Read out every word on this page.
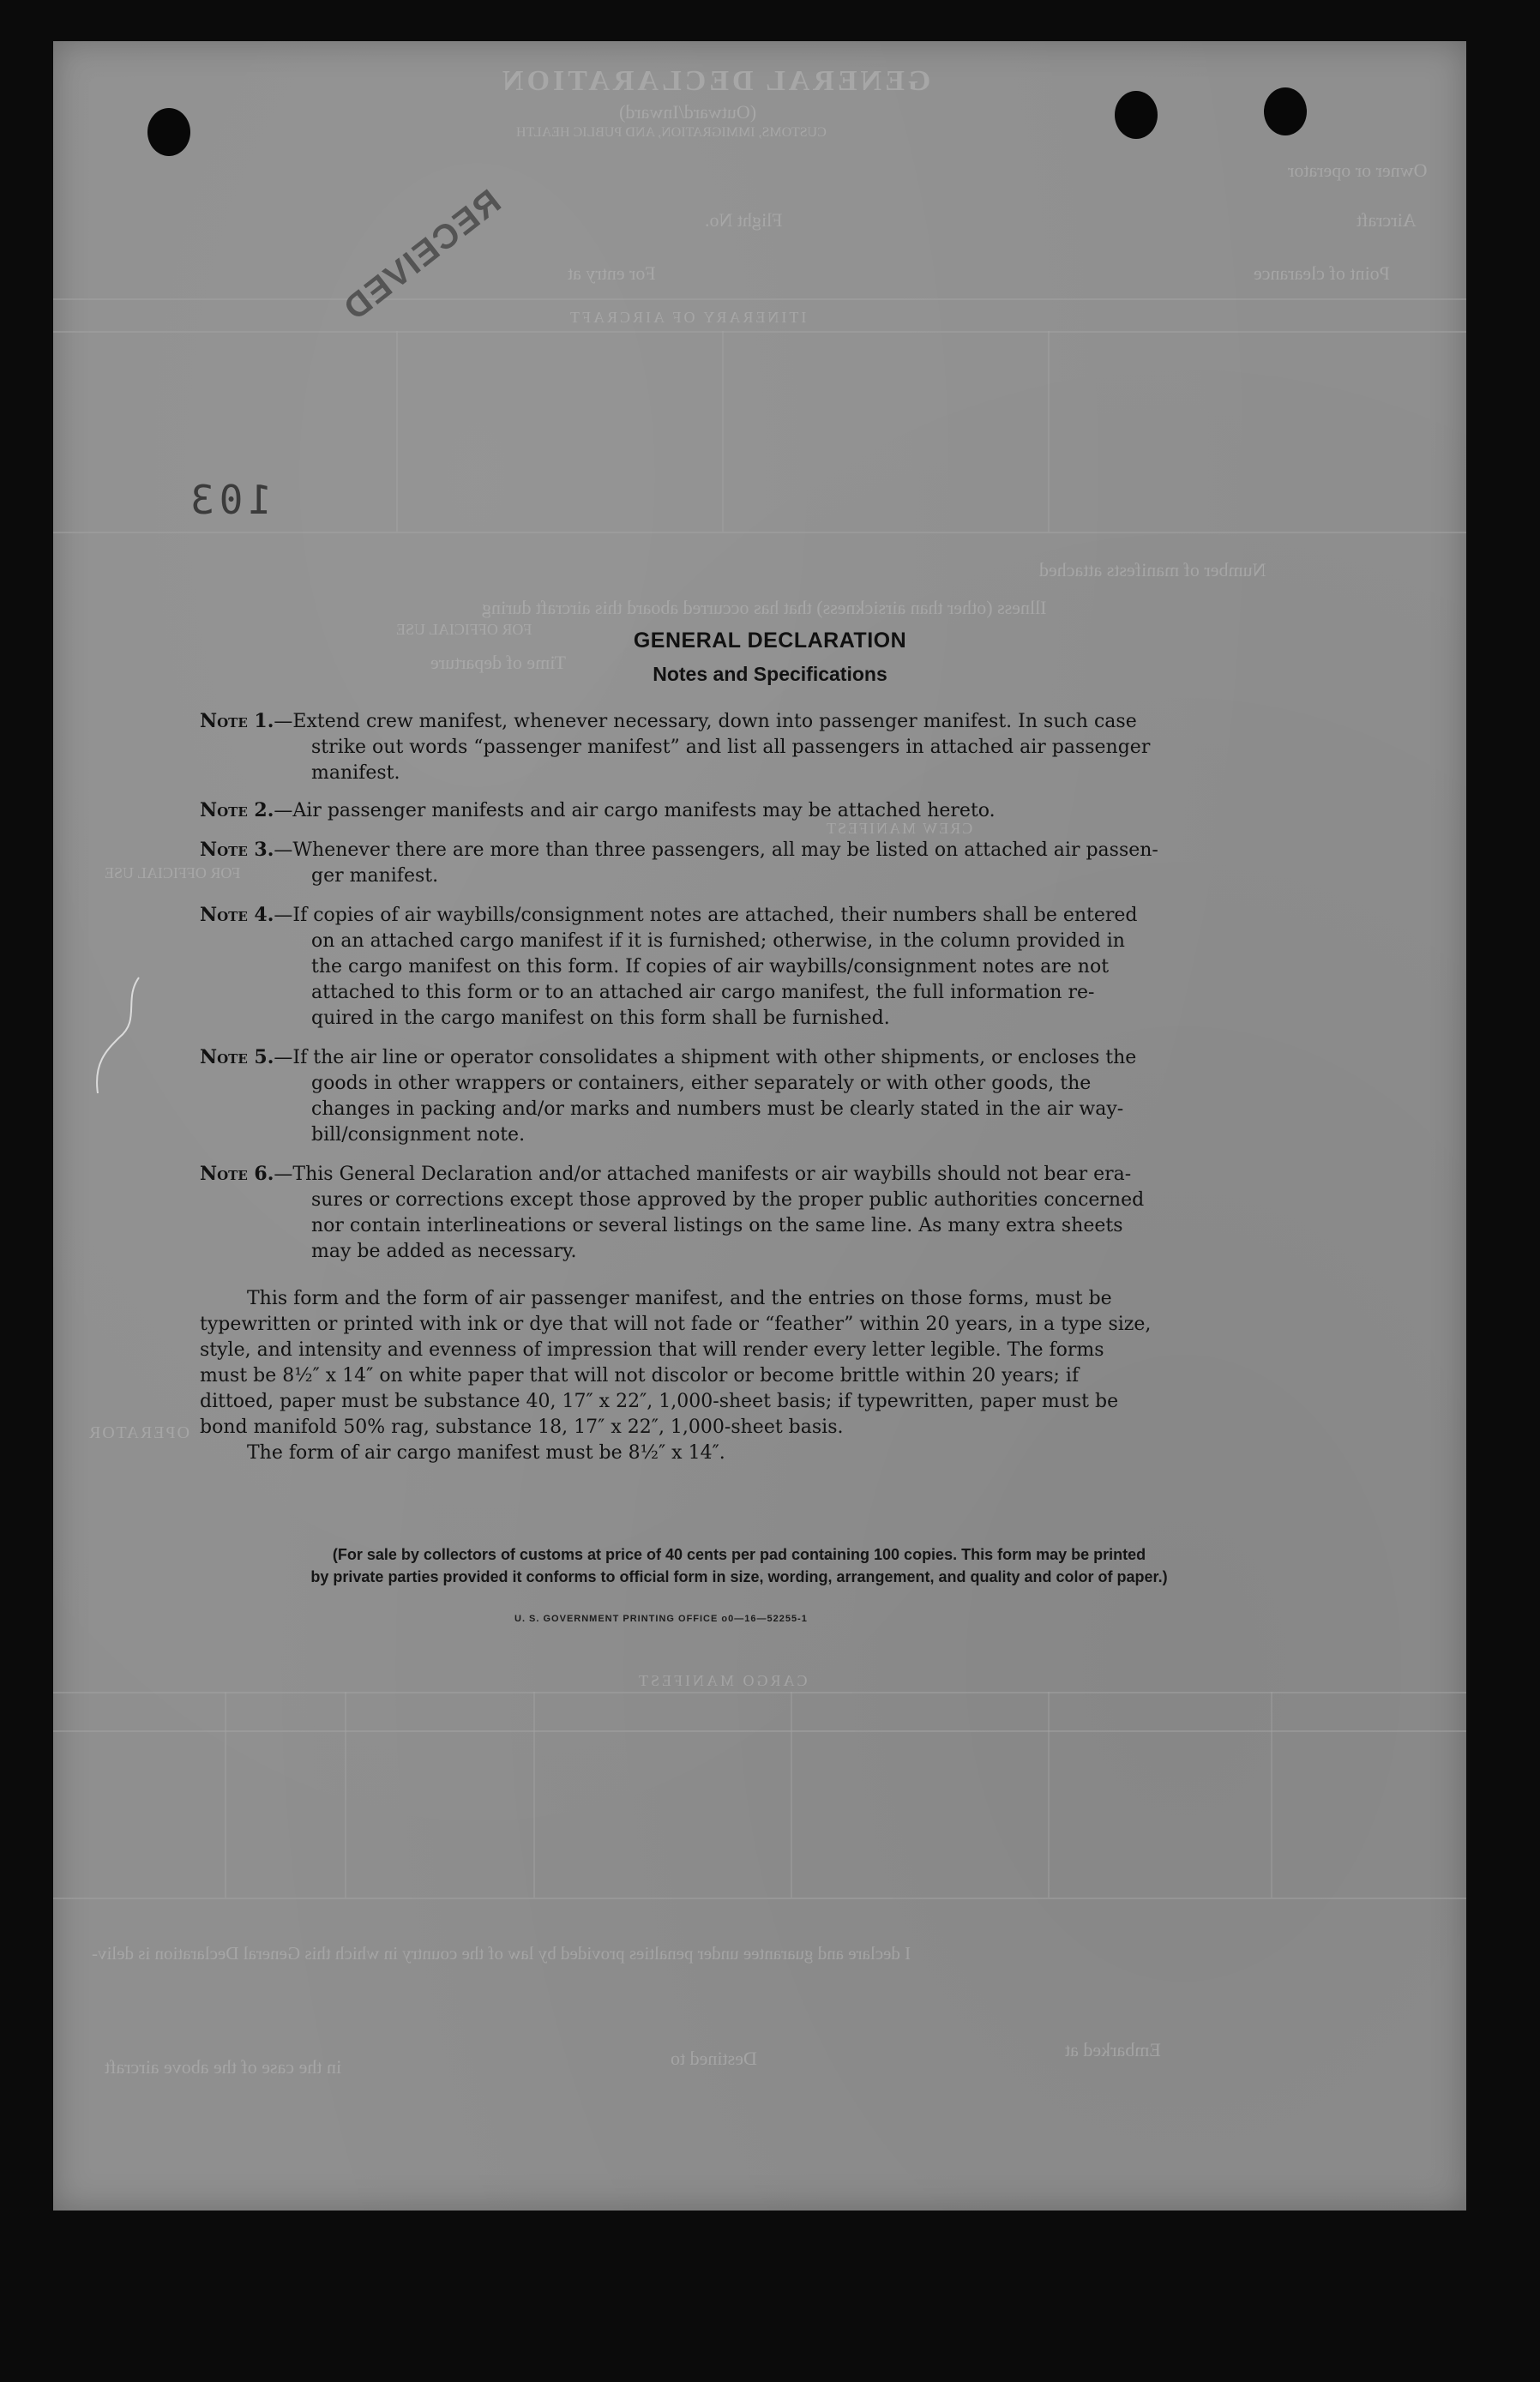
GENERAL DECLARATION
(Outward/Inward)
CUSTOMS, IMMIGRATION, AND PUBLIC HEALTH
Owner or operator
Aircraft
Flight No.
Point of clearance
For entry at
ITINERARY OF AIRCRAFT
Number of manifests attached
Illness (other than airsickness) that has occurred aboard this aircraft during
FOR OFFICIAL USE
Time of departure
CREW MANIFEST
FOR OFFICIAL USE
OPERATOR
CARGO MANIFEST
I declare and guarantee under penalties provided by law of the country in which this General Declaration is deliv-
Embarked at
Destined to
in the case of the above aircraft
RECEIVED
103
GENERAL DECLARATION
Notes and Specifications

Note 1.—Extend crew manifest, whenever necessary, down into passenger manifest. In such case

strike out words “passenger manifest” and list all passengers in attached air passenger

manifest.

Note 2.—Air passenger manifests and air cargo manifests may be attached hereto.

Note 3.—Whenever there are more than three passengers, all may be listed on attached air passen-

ger manifest.

Note 4.—If copies of air waybills/consignment notes are attached, their numbers shall be entered

on an attached cargo manifest if it is furnished; otherwise, in the column provided in

the cargo manifest on this form. If copies of air waybills/consignment notes are not

attached to this form or to an attached air cargo manifest, the full information re-

quired in the cargo manifest on this form shall be furnished.

Note 5.—If the air line or operator consolidates a shipment with other shipments, or encloses the

goods in other wrappers or containers, either separately or with other goods, the

changes in packing and/or marks and numbers must be clearly stated in the air way-

bill/consignment note.

Note 6.—This General Declaration and/or attached manifests or air waybills should not bear era-

sures or corrections except those approved by the proper public authorities concerned

nor contain interlineations or several listings on the same line. As many extra sheets

may be added as necessary.

This form and the form of air passenger manifest, and the entries on those forms, must be

typewritten or printed with ink or dye that will not fade or “feather” within 20 years, in a type size,

style, and intensity and evenness of impression that will render every letter legible. The forms

must be 8½″ x 14″ on white paper that will not discolor or become brittle within 20 years; if

dittoed, paper must be substance 40, 17″ x 22″, 1,000-sheet basis; if typewritten, paper must be

bond manifold 50% rag, substance 18, 17″ x 22″, 1,000-sheet basis.

The form of air cargo manifest must be 8½″ x 14″.

(For sale by collectors of customs at price of 40 cents per pad containing 100 copies. This form may be printed
by private parties provided it conforms to official form in size, wording, arrangement, and quality and color of paper.)
U. S. GOVERNMENT PRINTING OFFICE o0—16—52255-1
